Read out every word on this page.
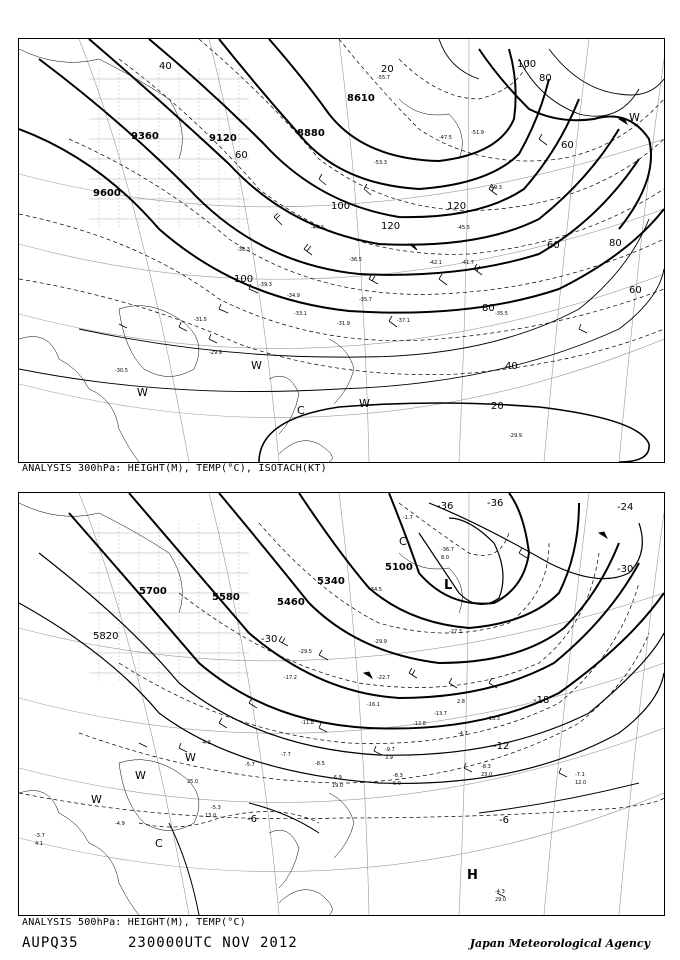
8610
8880
9120
9360
9600
20
20
40
40
60
60
60
60
80
80
80
100
100
100
120
120
-53.3
-51.9
-49.3
-45.5
-42.1	-41.7
-39.3
-37.1
-35.7
-35.5
-33.1
-31.9
-31.5
-30.5
-29.9
-29.9
-55.7
-47.5
-44.3
-38.3
-36.5
-34.9
C
W
W
W
W
ANALYSIS 300hPa: HEIGHT(M), TEMP(°C), ISOTACH(KT)
5100
5340
5460
5580
5700
5820
-36	-36
-30
-30
-24
-18
-12
-6
-6
-36.7
-34.5
-29.5
-29.9
-27.3
-22.7
-17.2
-16.1
-13.7
-13.3
-12.8
-11.8
-9.7
-8.5
-8.3
-8.3
-7.7
-7.1
-6.9
-5.7
-5.3
-4.9
-4.7
-4.3
-4.3
-3.7
-1.7
8.0
12.0
13.0
19.0
23.0
25.0
29.0
2.8
3.9
4.1
5.0
C
C
L
H
W
W
W
ANALYSIS 500hPa: HEIGHT(M), TEMP(°C)
AUPQ35	230000UTC NOV 2012	Japan Meteorological Agency
